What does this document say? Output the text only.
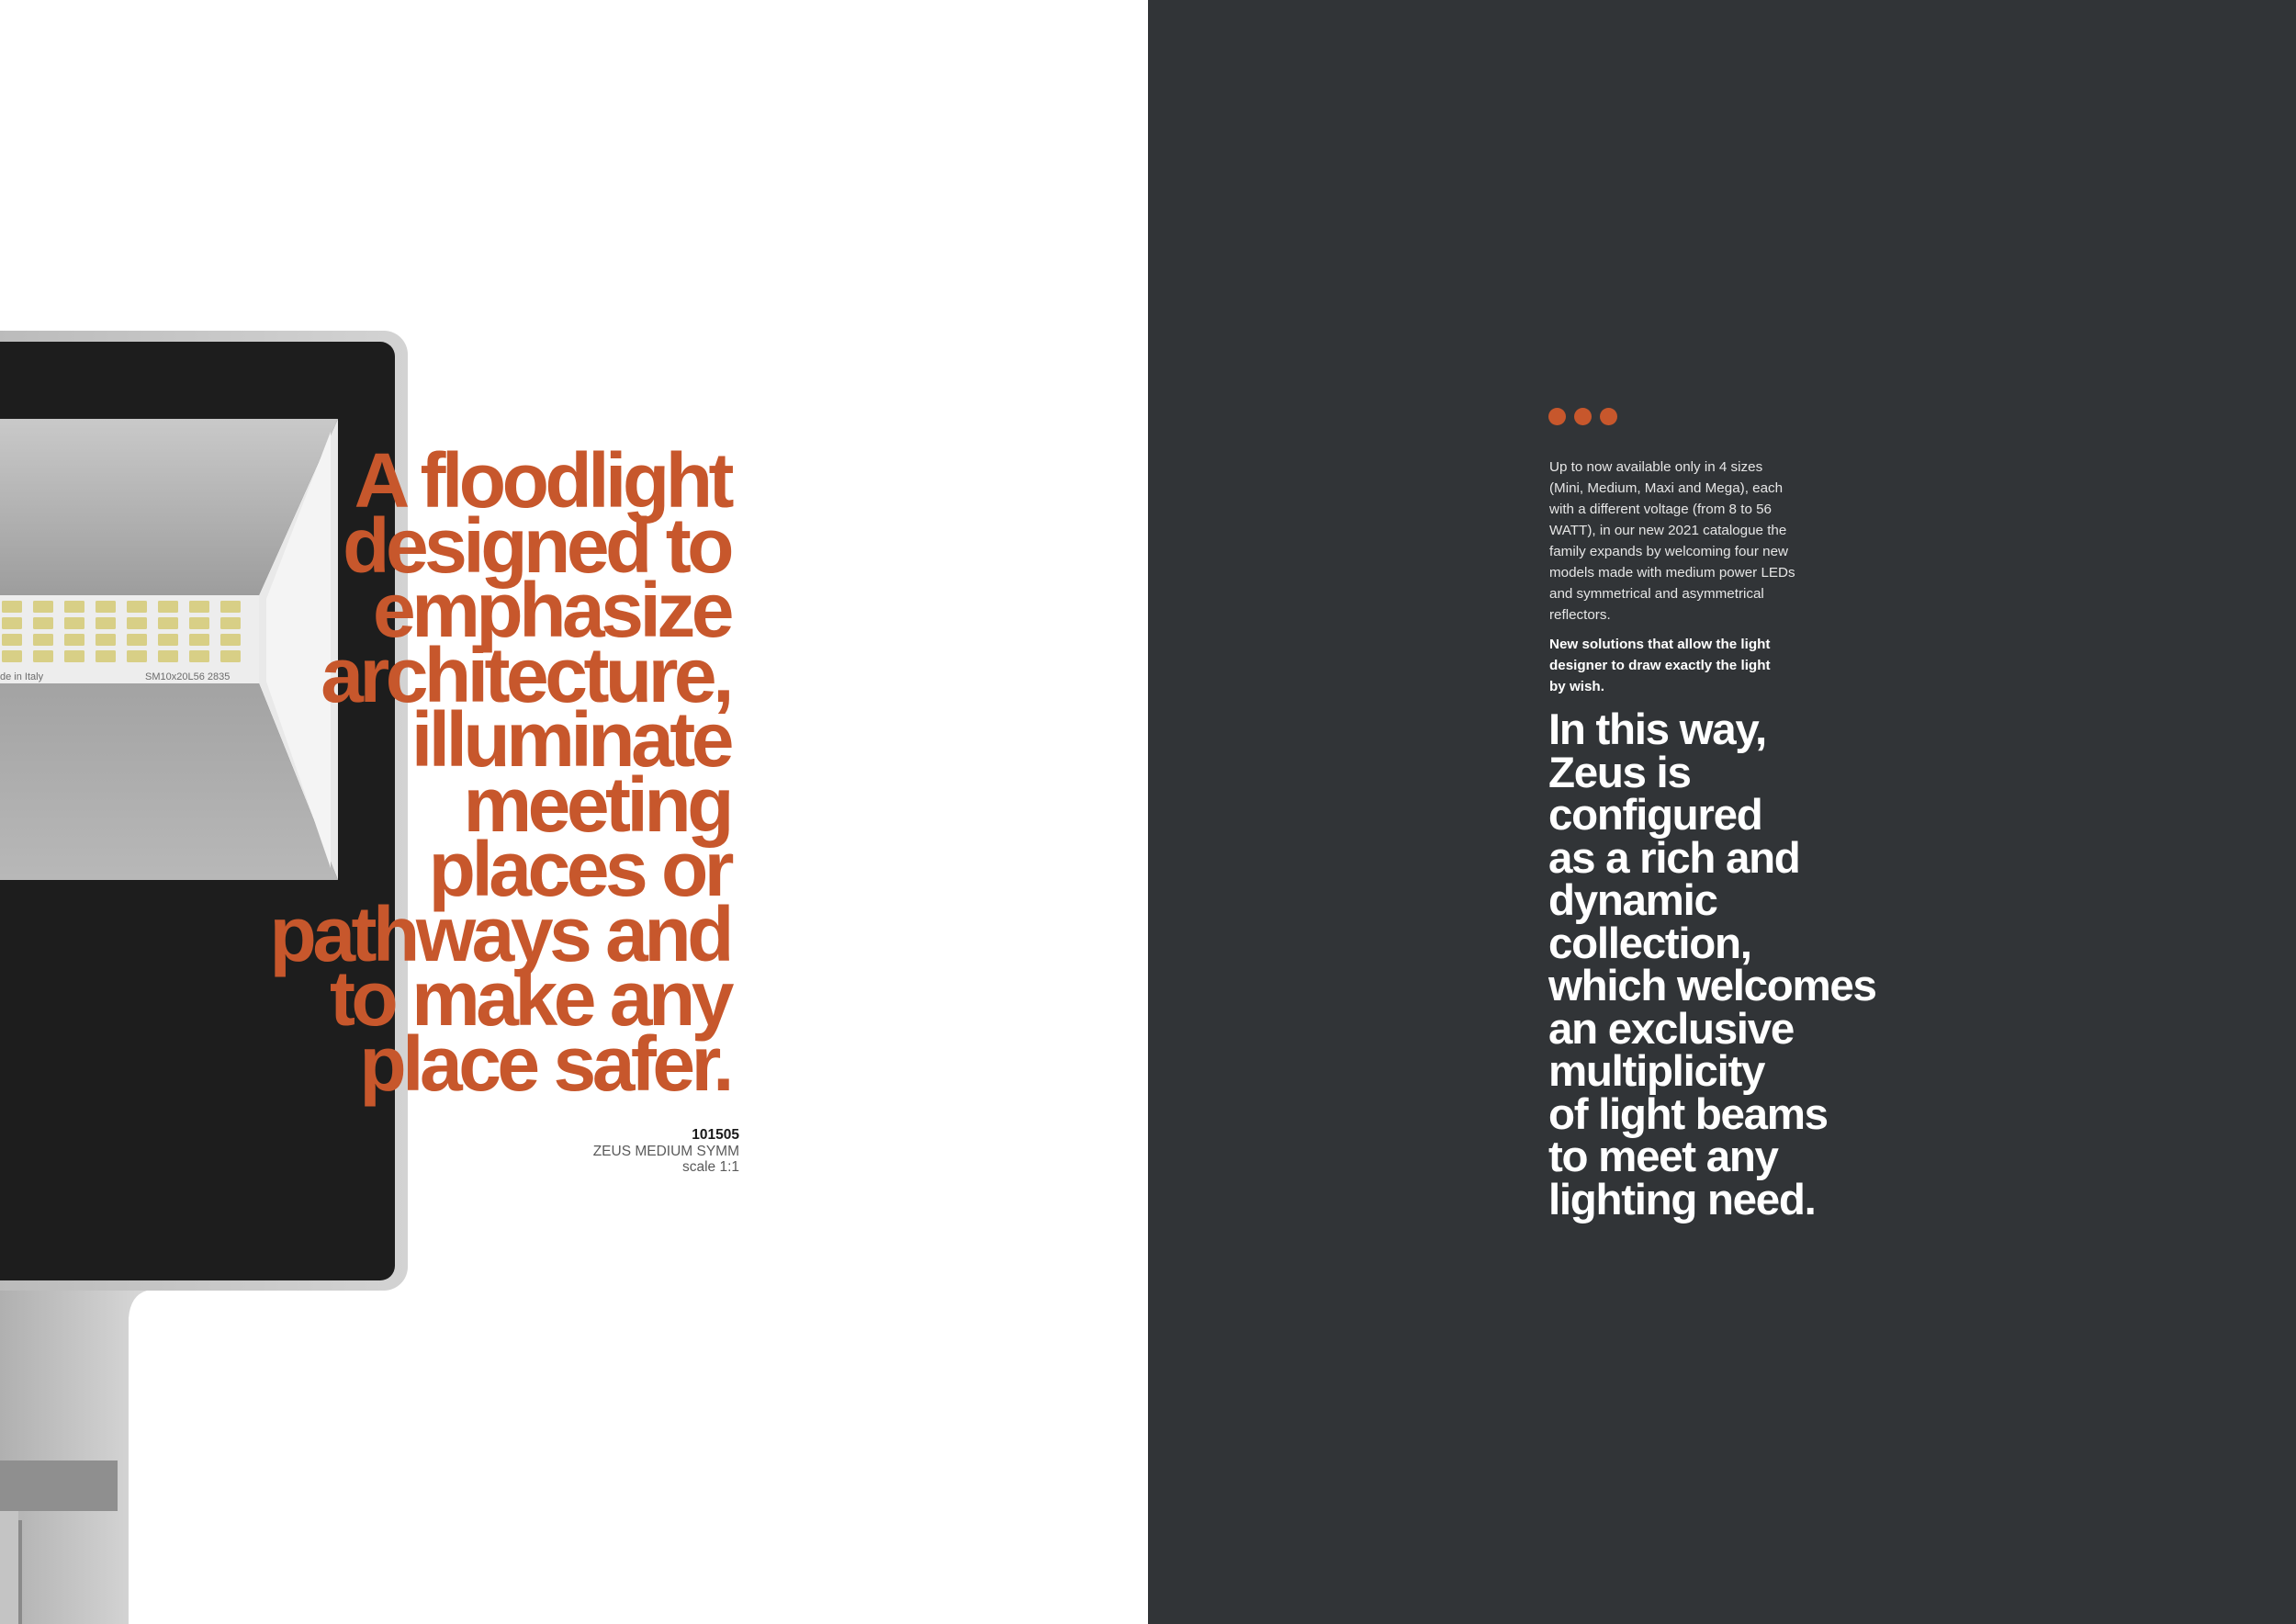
de in Italy	SM10x20L56 2835
A floodlight
designed to
emphasize
architecture,
illuminate
meeting
places or
pathways and
to make any
place safer.
101505
ZEUS MEDIUM SYMM
scale 1:1

Up to now available only in 4 sizes
(Mini, Medium, Maxi and Mega), each
with a different voltage (from 8 to 56
WATT), in our new 2021 catalogue the
family expands by welcoming four new
models made with medium power LEDs
and symmetrical and asymmetrical
reflectors.

New solutions that allow the light
designer to draw exactly the light
by wish.

In this way,
Zeus is
configured
as a rich and
dynamic
collection,
which welcomes
an exclusive
multiplicity
of light beams
to meet any
lighting need.
